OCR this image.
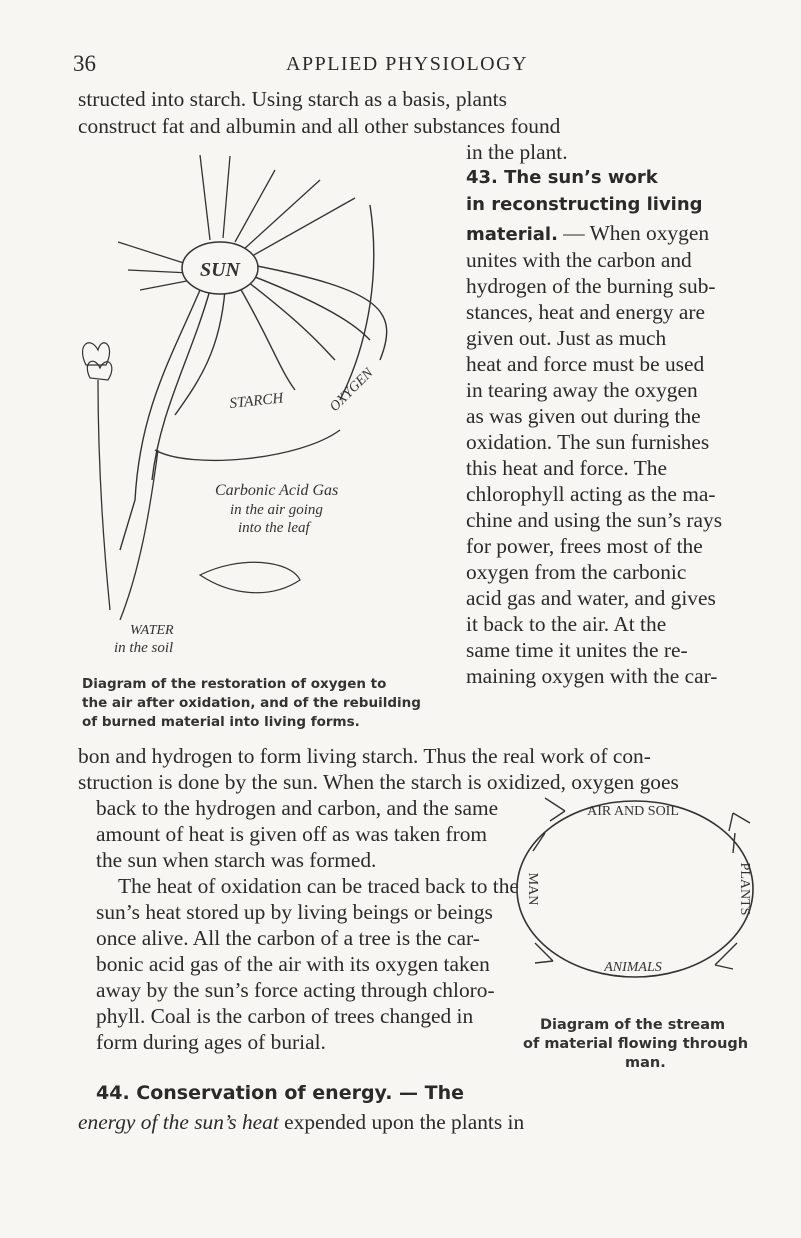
36	APPLIED PHYSIOLOGY
structed into starch. Using starch as a basis, plants
construct fat and albumin and all other substances found
in the plant.
43. The sun’s work
in reconstructing living
material. — When oxygen
unites with the carbon and
hydrogen of the burning sub-
stances, heat and energy are
given out. Just as much
heat and force must be used
in tearing away the oxygen
as was given out during the
oxidation. The sun furnishes
this heat and force. The
chlorophyll acting as the ma-
chine and using the sun’s rays
for power, frees most of the
oxygen from the carbonic
acid gas and water, and gives
it back to the air. At the
same time it unites the re-
maining oxygen with the car-
SUN
STARCH	OXYGEN
Carbonic Acid Gas
in the air going
into the leaf
WATER
in the soil
Diagram of the restoration of oxygen to
the air after oxidation, and of the rebuilding
of burned material into living forms.
bon and hydrogen to form living starch. Thus the real work of con-
struction is done by the sun. When the starch is oxidized, oxygen goes
back to the hydrogen and carbon, and the same
amount of heat is given off as was taken from
the sun when starch was formed.
The heat of oxidation can be traced back to the
sun’s heat stored up by living beings or beings
once alive. All the carbon of a tree is the car-
bonic acid gas of the air with its oxygen taken
away by the sun’s force acting through chloro-
phyll. Coal is the carbon of trees changed in
form during ages of burial.
AIR AND SOIL
PLANTS
ANIMALS
MAN
Diagram of the stream
of material flowing through
man.
44. Conservation of energy. — The
energy of the sun’s heat expended upon the plants in
